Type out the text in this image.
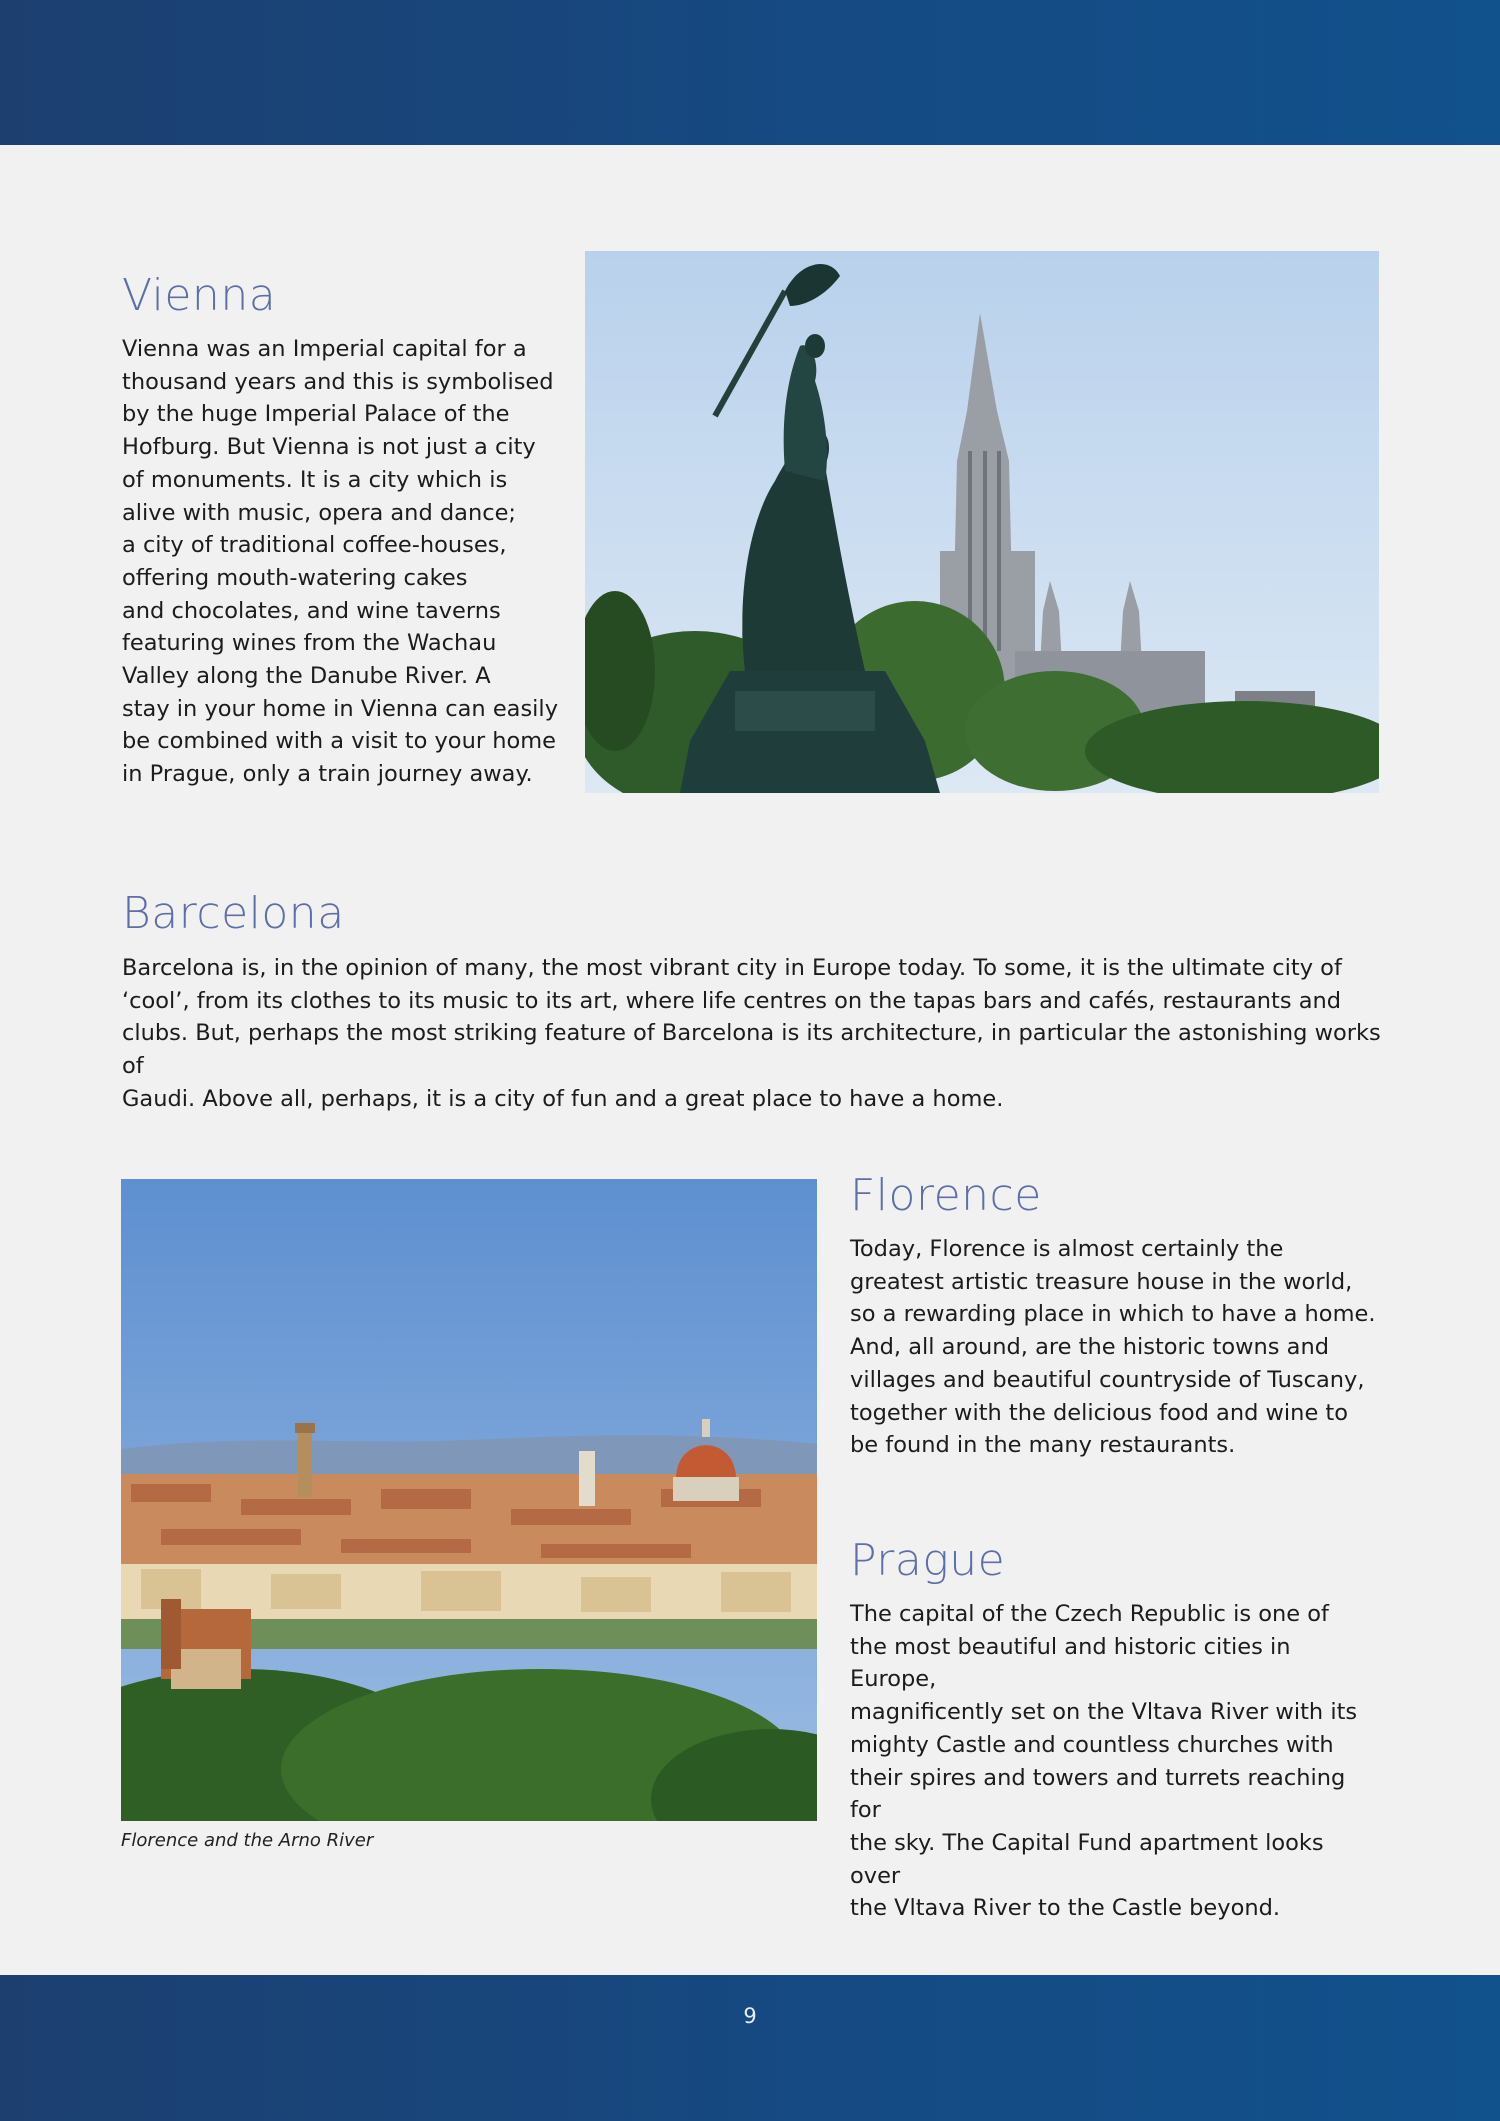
Vienna

Vienna was an Imperial capital for a
thousand years and this is symbolised
by the huge Imperial Palace of the
Hofburg. But Vienna is not just a city
of monuments. It is a city which is
alive with music, opera and dance;
a city of traditional coffee-houses,
offering mouth-watering cakes
and chocolates, and wine taverns
featuring wines from the Wachau
Valley along the Danube River. A
stay in your home in Vienna can easily
be combined with a visit to your home
in Prague, only a train journey away.

Barcelona

Barcelona is, in the opinion of many, the most vibrant city in Europe today. To some, it is the ultimate city of
‘cool’, from its clothes to its music to its art, where life centres on the tapas bars and cafés, restaurants and
clubs. But, perhaps the most striking feature of Barcelona is its architecture, in particular the astonishing works of
Gaudi. Above all, perhaps, it is a city of fun and a great place to have a home.

Florence and the Arno River
Florence

Today, Florence is almost certainly the
greatest artistic treasure house in the world,
so a rewarding place in which to have a home.
And, all around, are the historic towns and
villages and beautiful countryside of Tuscany,
together with the delicious food and wine to
be found in the many restaurants.

Prague

The capital of the Czech Republic is one of
the most beautiful and historic cities in Europe,
magnificently set on the Vltava River with its
mighty Castle and countless churches with
their spires and towers and turrets reaching for
the sky. The Capital Fund apartment looks over
the Vltava River to the Castle beyond.

9
